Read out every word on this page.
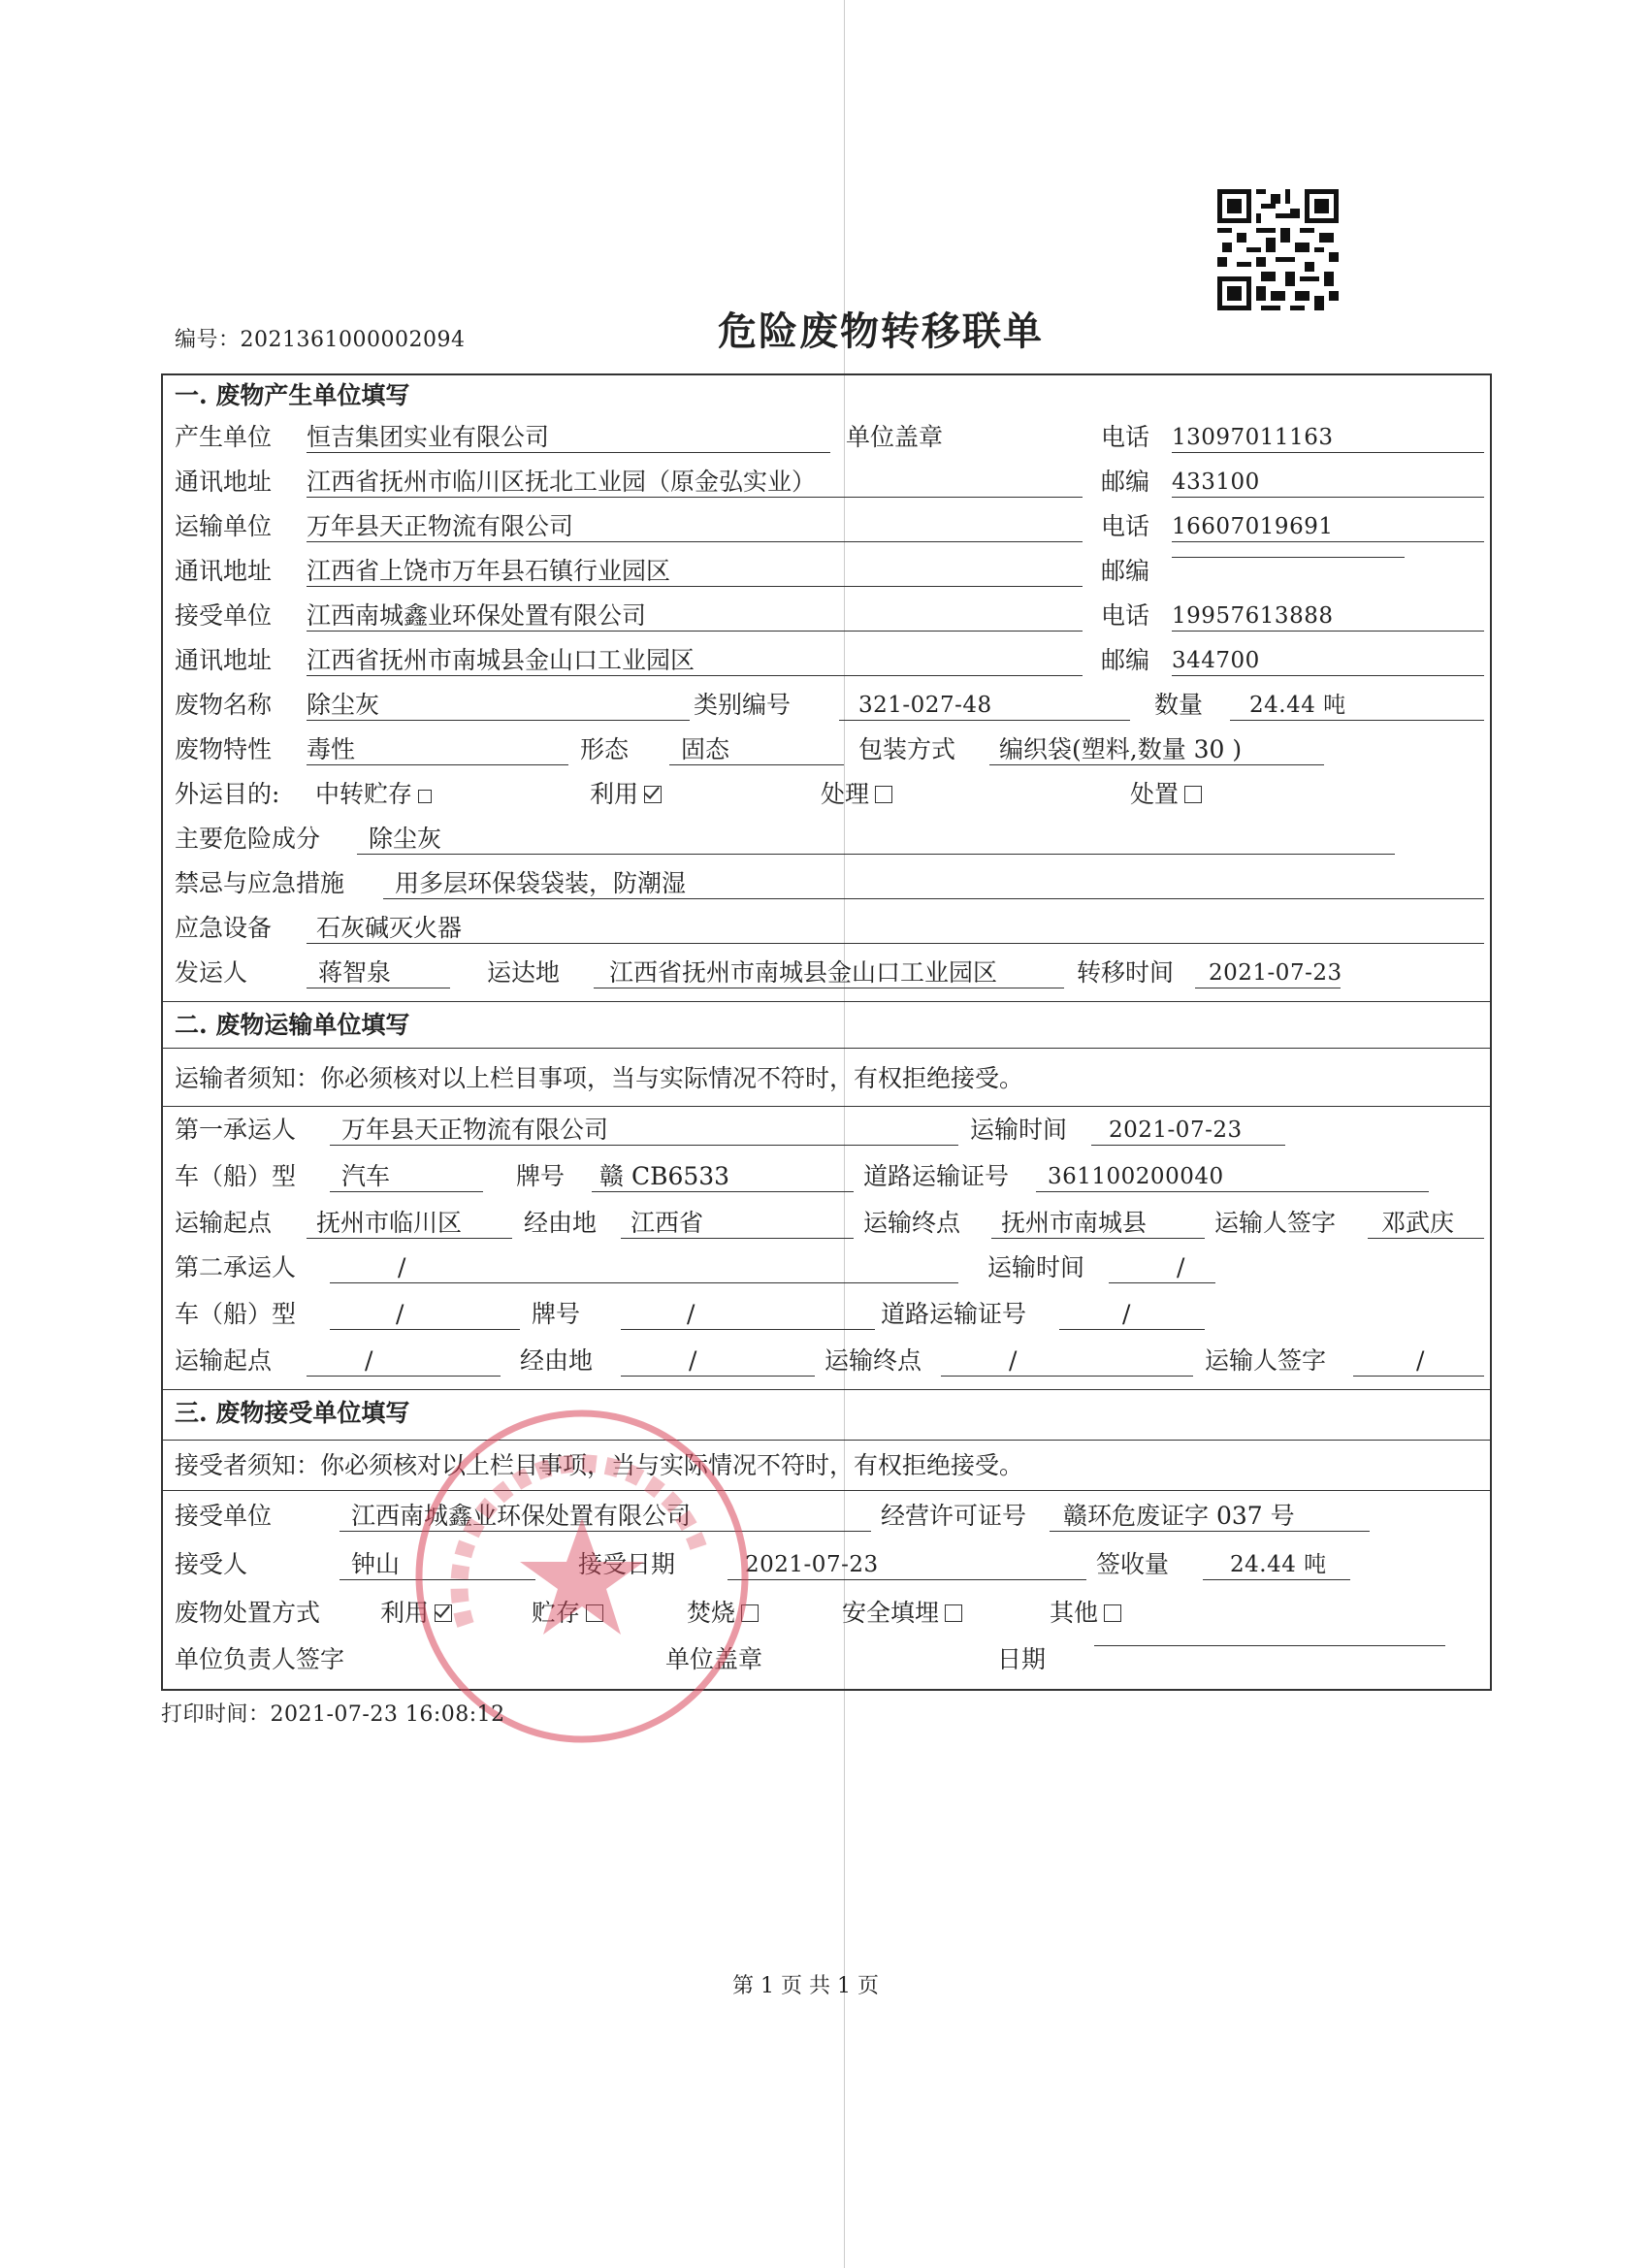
编号：2021361000002094	危险废物转移联单
一. 废物产生单位填写
产生单位 恒吉集团实业有限公司	单位盖章	电话 13097011163
通讯地址 江西省抚州市临川区抚北工业园（原金弘实业）	邮编 433100
运输单位 万年县天正物流有限公司	电话 16607019691
通讯地址 江西省上饶市万年县石镇行业园区	邮编
接受单位 江西南城鑫业环保处置有限公司	电话 19957613888
通讯地址 江西省抚州市南城县金山口工业园区	邮编 344700
废物名称 除尘灰	类别编号	321-027-48	数量	24.44 吨
废物特性 毒性	形态	固态	包装方式	编织袋(塑料,数量 30 )
外运目的: 中转贮存	利用	处理	处置
主要危险成分	除尘灰
禁忌与应急措施	用多层环保袋袋装，防潮湿
应急设备	石灰碱灭火器
发运人	蒋智泉	运达地	江西省抚州市南城县金山口工业园区	转移时间	2021-07-23
二. 废物运输单位填写
运输者须知：你必须核对以上栏目事项，当与实际情况不符时，有权拒绝接受。
第一承运人	万年县天正物流有限公司	运输时间	2021-07-23
车（船）型	汽车	牌号	赣 CB6533	道路运输证号	361100200040
运输起点	抚州市临川区	经由地	江西省	运输终点	抚州市南城县	运输人签字	邓武庆
第二承运人	/	运输时间	/
车（船）型	/	牌号	/	道路运输证号	/
运输起点	/	经由地	/	运输终点	/	运输人签字	/
三. 废物接受单位填写
接受者须知：你必须核对以上栏目事项，当与实际情况不符时，有权拒绝接受。
接受单位	江西南城鑫业环保处置有限公司	经营许可证号	赣环危废证字 037 号
接受人	钟山	接受日期	2021-07-23	签收量	24.44 吨
废物处置方式 利用	贮存	焚烧	安全填埋	其他
单位负责人签字	单位盖章	日期
打印时间：2021-07-23 16:08:12
第 1 页 共 1 页
